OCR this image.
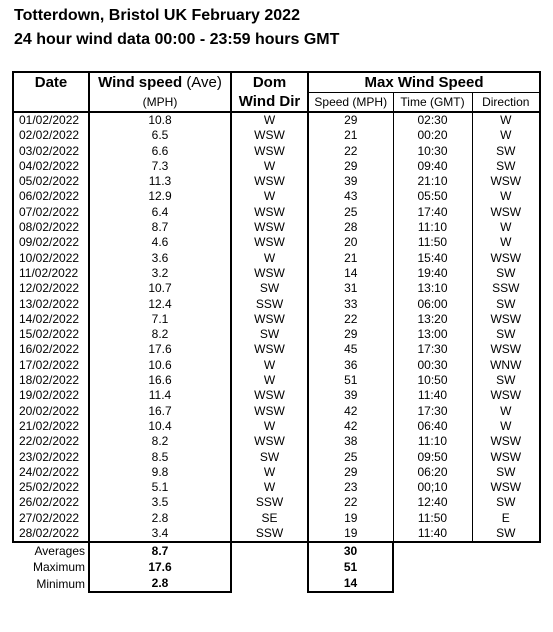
Totterdown, Bristol UK February 2022
24 hour wind data 00:00 - 23:59 hours GMT
Date	Wind speed (Ave)	Dom	Max Wind Speed		
	(MPH)	Wind Dir	Speed (MPH)	Time (GMT)	Direction
01/02/2022	10.8	W	29	02:30	W
02/02/2022	6.5	WSW	21	00:20	W
03/02/2022	6.6	WSW	22	10:30	SW
04/02/2022	7.3	W	29	09:40	SW
05/02/2022	11.3	WSW	39	21:10	WSW
06/02/2022	12.9	W	43	05:50	W
07/02/2022	6.4	WSW	25	17:40	WSW
08/02/2022	8.7	WSW	28	11:10	W
09/02/2022	4.6	WSW	20	11:50	W
10/02/2022	3.6	W	21	15:40	WSW
11/02/2022	3.2	WSW	14	19:40	SW
12/02/2022	10.7	SW	31	13:10	SSW
13/02/2022	12.4	SSW	33	06:00	SW
14/02/2022	7.1	WSW	22	13:20	WSW
15/02/2022	8.2	SW	29	13:00	SW
16/02/2022	17.6	WSW	45	17:30	WSW
17/02/2022	10.6	W	36	00:30	WNW
18/02/2022	16.6	W	51	10:50	SW
19/02/2022	11.4	WSW	39	11:40	WSW
20/02/2022	16.7	WSW	42	17:30	W
21/02/2022	10.4	W	42	06:40	W
22/02/2022	8.2	WSW	38	11:10	WSW
23/02/2022	8.5	SW	25	09:50	WSW
24/02/2022	9.8	W	29	06:20	SW
25/02/2022	5.1	W	23	00;10	WSW
26/02/2022	3.5	SSW	22	12:40	SW
27/02/2022	2.8	SE	19	11:50	E
28/02/2022	3.4	SSW	19	11:40	SW
Averages	8.7		30		
Maximum	17.6		51		
Minimum	2.8		14		
